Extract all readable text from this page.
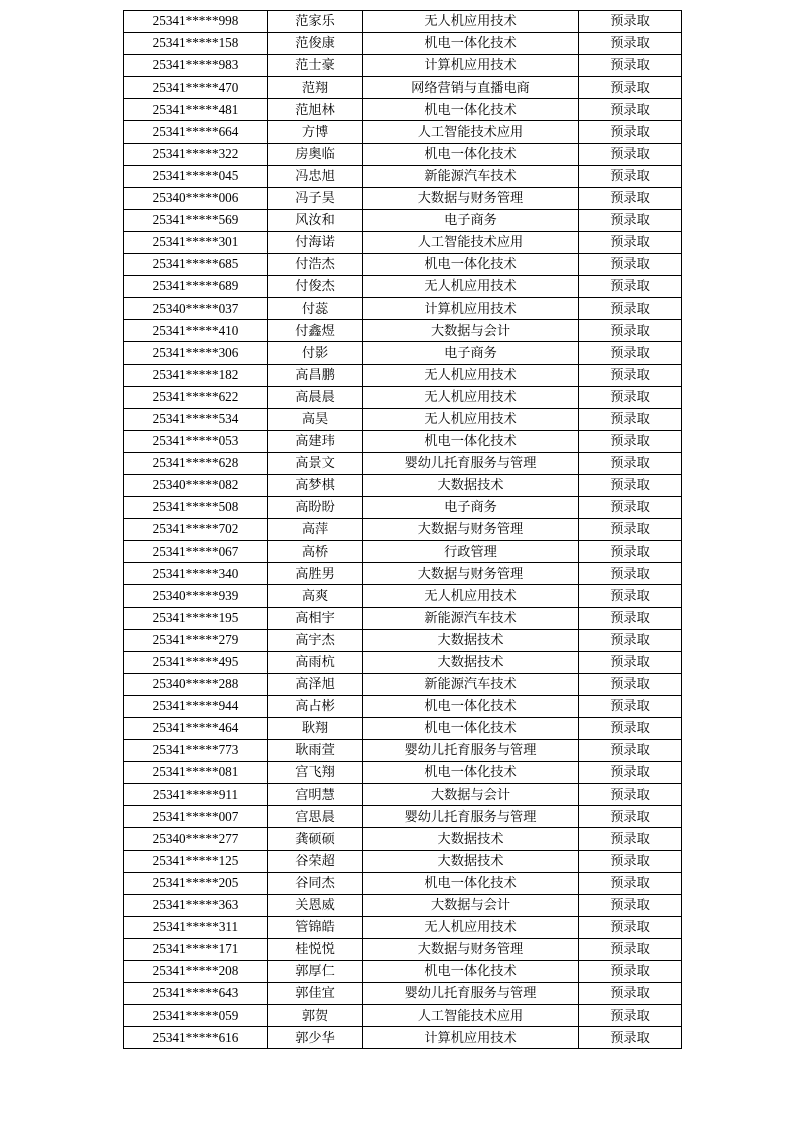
25341*****998	范家乐	无人机应用技术	预录取
25341*****158	范俊康	机电一体化技术	预录取
25341*****983	范士豪	计算机应用技术	预录取
25341*****470	范翔	网络营销与直播电商	预录取
25341*****481	范旭林	机电一体化技术	预录取
25341*****664	方博	人工智能技术应用	预录取
25341*****322	房奥临	机电一体化技术	预录取
25341*****045	冯忠旭	新能源汽车技术	预录取
25340*****006	冯子昊	大数据与财务管理	预录取
25341*****569	风汝和	电子商务	预录取
25341*****301	付海诺	人工智能技术应用	预录取
25341*****685	付浩杰	机电一体化技术	预录取
25341*****689	付俊杰	无人机应用技术	预录取
25340*****037	付蕊	计算机应用技术	预录取
25341*****410	付鑫煜	大数据与会计	预录取
25341*****306	付影	电子商务	预录取
25341*****182	高昌鹏	无人机应用技术	预录取
25341*****622	高晨晨	无人机应用技术	预录取
25341*****534	高昊	无人机应用技术	预录取
25341*****053	高建玮	机电一体化技术	预录取
25341*****628	高景文	婴幼儿托育服务与管理	预录取
25340*****082	高梦棋	大数据技术	预录取
25341*****508	高盼盼	电子商务	预录取
25341*****702	高萍	大数据与财务管理	预录取
25341*****067	高桥	行政管理	预录取
25341*****340	高胜男	大数据与财务管理	预录取
25340*****939	高爽	无人机应用技术	预录取
25341*****195	高相宇	新能源汽车技术	预录取
25341*****279	高宇杰	大数据技术	预录取
25341*****495	高雨杭	大数据技术	预录取
25340*****288	高泽旭	新能源汽车技术	预录取
25341*****944	高占彬	机电一体化技术	预录取
25341*****464	耿翔	机电一体化技术	预录取
25341*****773	耿雨萱	婴幼儿托育服务与管理	预录取
25341*****081	宫飞翔	机电一体化技术	预录取
25341*****911	宫明慧	大数据与会计	预录取
25341*****007	宫思晨	婴幼儿托育服务与管理	预录取
25340*****277	龚硕硕	大数据技术	预录取
25341*****125	谷荣超	大数据技术	预录取
25341*****205	谷同杰	机电一体化技术	预录取
25341*****363	关恩威	大数据与会计	预录取
25341*****311	管锦皓	无人机应用技术	预录取
25341*****171	桂悦悦	大数据与财务管理	预录取
25341*****208	郭厚仁	机电一体化技术	预录取
25341*****643	郭佳宜	婴幼儿托育服务与管理	预录取
25341*****059	郭贺	人工智能技术应用	预录取
25341*****616	郭少华	计算机应用技术	预录取
